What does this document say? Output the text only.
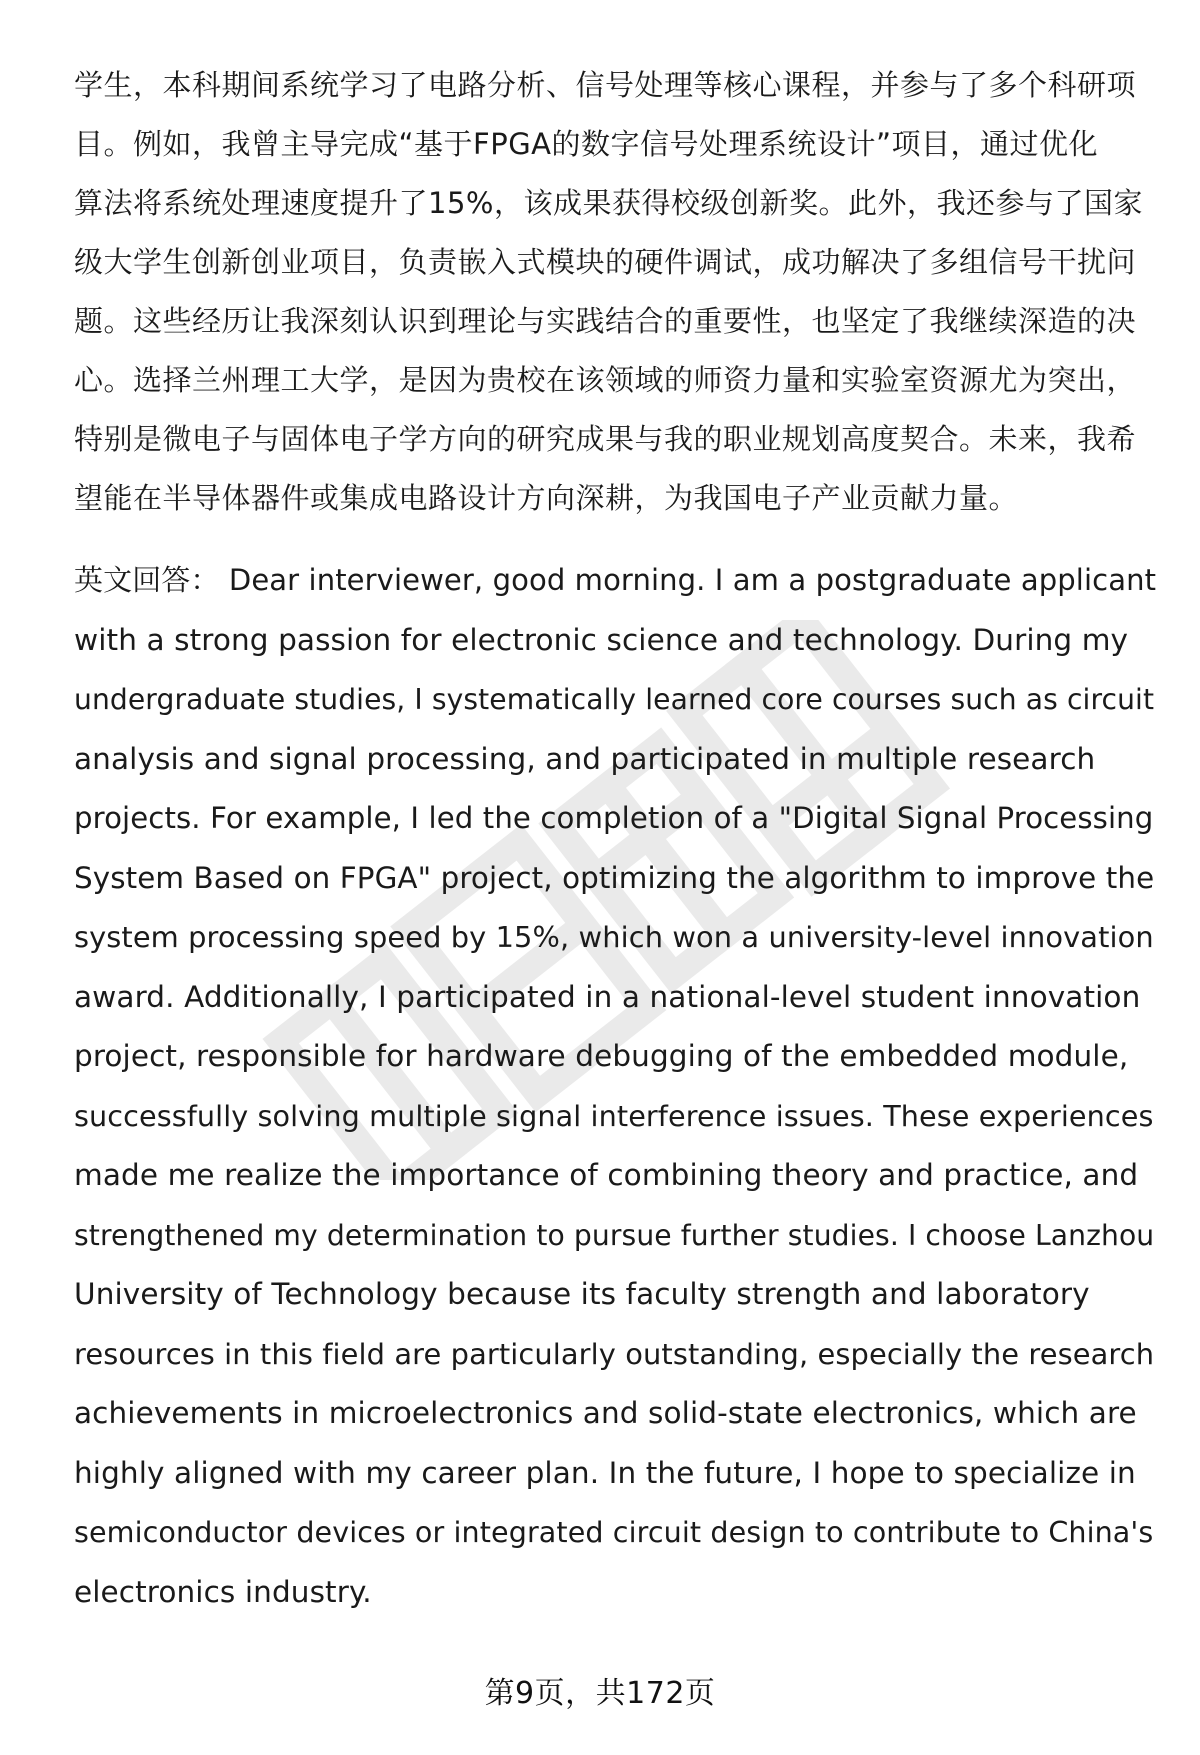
学生，本科期间系统学习了电路分析、信号处理等核心课程，并参与了多个科研项
目。例如，我曾主导完成“基于FPGA的数字信号处理系统设计”项目，通过优化
算法将系统处理速度提升了15%，该成果获得校级创新奖。此外，我还参与了国家
级大学生创新创业项目，负责嵌入式模块的硬件调试，成功解决了多组信号干扰问
题。这些经历让我深刻认识到理论与实践结合的重要性，也坚定了我继续深造的决
心。选择兰州理工大学，是因为贵校在该领域的师资力量和实验室资源尤为突出，
特别是微电子与固体电子学方向的研究成果与我的职业规划高度契合。未来，我希
望能在半导体器件或集成电路设计方向深耕，为我国电子产业贡献力量。

英文回答： Dear interviewer, good morning. I am a postgraduate applicant
with a strong passion for electronic science and technology. During my
undergraduate studies, I systematically learned core courses such as circuit
analysis and signal processing, and participated in multiple research
projects. For example, I led the completion of a "Digital Signal Processing
System Based on FPGA" project, optimizing the algorithm to improve the
system processing speed by 15%, which won a university-level innovation
award. Additionally, I participated in a national-level student innovation
project, responsible for hardware debugging of the embedded module,
successfully solving multiple signal interference issues. These experiences
made me realize the importance of combining theory and practice, and
strengthened my determination to pursue further studies. I choose Lanzhou
University of Technology because its faculty strength and laboratory
resources in this field are particularly outstanding, especially the research
achievements in microelectronics and solid-state electronics, which are
highly aligned with my career plan. In the future, I hope to specialize in
semiconductor devices or integrated circuit design to contribute to China's
electronics industry.

第9页，共172页
